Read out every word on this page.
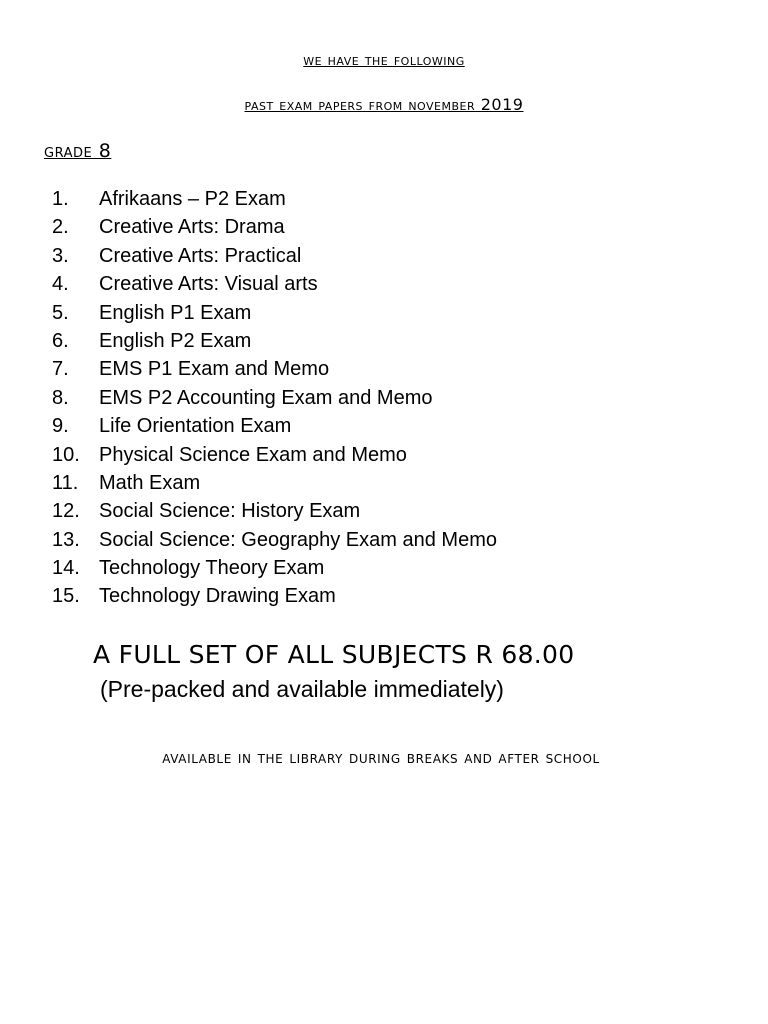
we have the following
past exam papers from november 2019
grade 8
1.	Afrikaans – P2 Exam
2.	Creative Arts: Drama
3.	Creative Arts: Practical
4.	Creative Arts: Visual arts
5.	English P1 Exam
6.	English P2 Exam
7.	EMS P1 Exam and Memo
8.	EMS P2 Accounting Exam and Memo
9.	Life Orientation Exam
10. Physical Science Exam and Memo
11.	Math Exam
12. Social Science: History Exam
13. Social Science: Geography Exam and Memo
14. Technology Theory Exam
15. Technology Drawing Exam
A FULL SET OF ALL SUBJECTS R 68.00
(Pre-packed and available immediately)
available in the library during breaks and after school
